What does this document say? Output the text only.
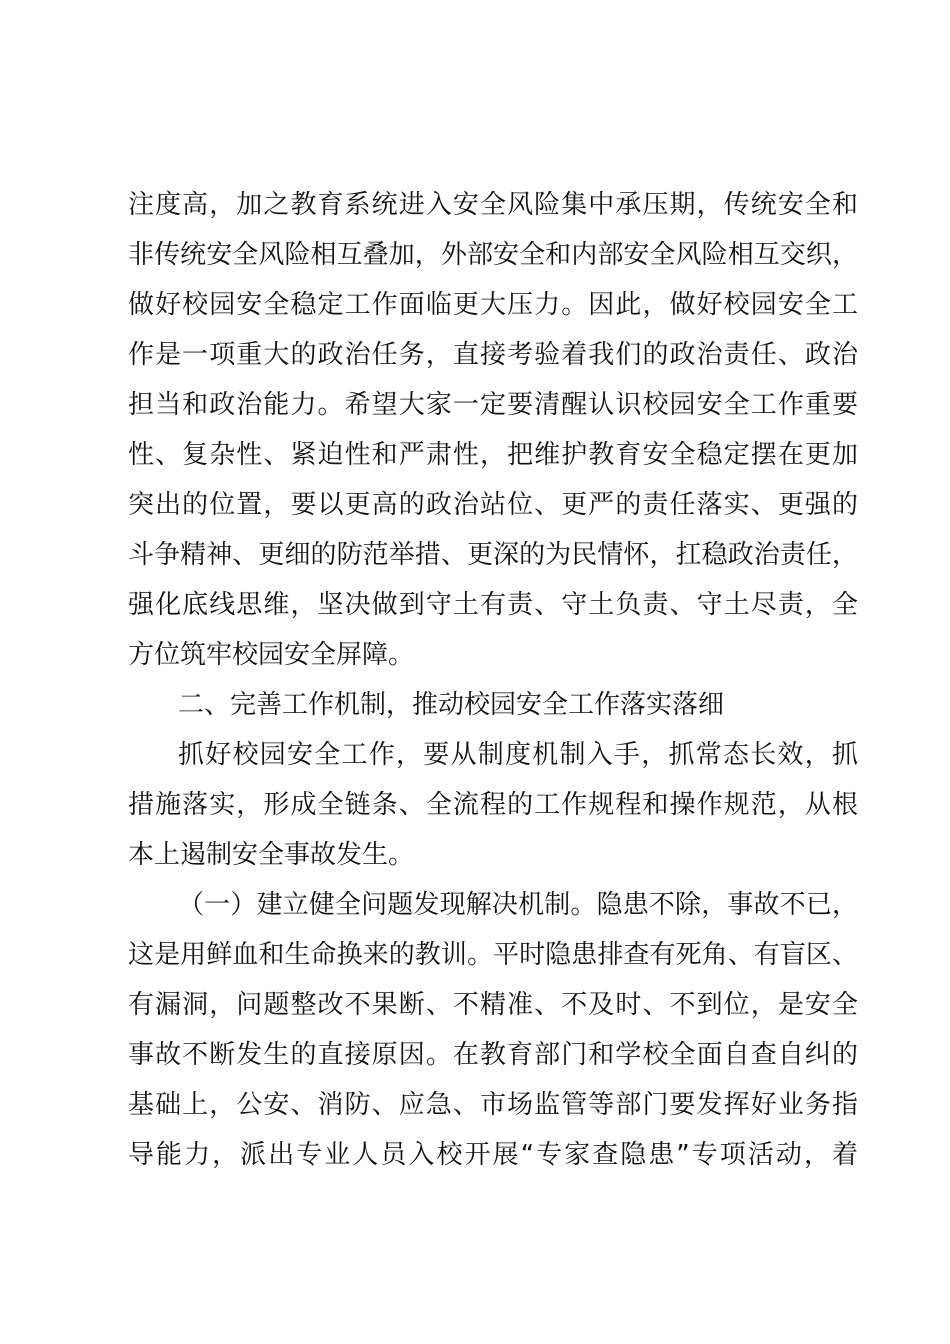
注度高，加之教育系统进入安全风险集中承压期，传统安全和
非传统安全风险相互叠加，外部安全和内部安全风险相互交织，
做好校园安全稳定工作面临更大压力。因此，做好校园安全工
作是一项重大的政治任务，直接考验着我们的政治责任、政治
担当和政治能力。希望大家一定要清醒认识校园安全工作重要
性、复杂性、紧迫性和严肃性，把维护教育安全稳定摆在更加
突出的位置，要以更高的政治站位、更严的责任落实、更强的
斗争精神、更细的防范举措、更深的为民情怀，扛稳政治责任，
强化底线思维，坚决做到守土有责、守土负责、守土尽责，全
方位筑牢校园安全屏障。
二、完善工作机制，推动校园安全工作落实落细
抓好校园安全工作，要从制度机制入手，抓常态长效，抓
措施落实，形成全链条、全流程的工作规程和操作规范，从根
本上遏制安全事故发生。
（一）建立健全问题发现解决机制。隐患不除，事故不已，
这是用鲜血和生命换来的教训。平时隐患排查有死角、有盲区、
有漏洞，问题整改不果断、不精准、不及时、不到位，是安全
事故不断发生的直接原因。在教育部门和学校全面自查自纠的
基础上，公安、消防、应急、市场监管等部门要发挥好业务指
导能力，派出专业人员入校开展“专家查隐患”专项活动，着
